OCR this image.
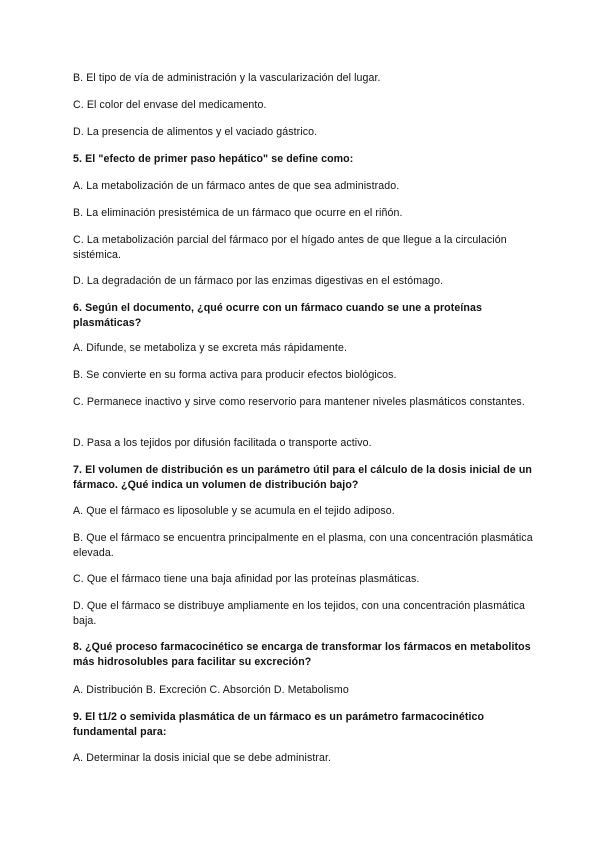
B. El tipo de vía de administración y la vascularización del lugar.
C. El color del envase del medicamento.
D. La presencia de alimentos y el vaciado gástrico.
5. El "efecto de primer paso hepático" se define como:
A. La metabolización de un fármaco antes de que sea administrado.
B. La eliminación presistémica de un fármaco que ocurre en el riñón.
C. La metabolización parcial del fármaco por el hígado antes de que llegue a la circulación sistémica.
D. La degradación de un fármaco por las enzimas digestivas en el estómago.
6. Según el documento, ¿qué ocurre con un fármaco cuando se une a proteínas plasmáticas?
A. Difunde, se metaboliza y se excreta más rápidamente.
B. Se convierte en su forma activa para producir efectos biológicos.
C. Permanece inactivo y sirve como reservorio para mantener niveles plasmáticos constantes.
D. Pasa a los tejidos por difusión facilitada o transporte activo.
7. El volumen de distribución es un parámetro útil para el cálculo de la dosis inicial de un fármaco. ¿Qué indica un volumen de distribución bajo?
A. Que el fármaco es liposoluble y se acumula en el tejido adiposo.
B. Que el fármaco se encuentra principalmente en el plasma, con una concentración plasmática elevada.
C. Que el fármaco tiene una baja afinidad por las proteínas plasmáticas.
D. Que el fármaco se distribuye ampliamente en los tejidos, con una concentración plasmática baja.
8. ¿Qué proceso farmacocinético se encarga de transformar los fármacos en metabolitos más hidrosolubles para facilitar su excreción?
A. Distribución B. Excreción C. Absorción D. Metabolismo
9. El t1/2 o semivida plasmática de un fármaco es un parámetro farmacocinético fundamental para:
A. Determinar la dosis inicial que se debe administrar.
